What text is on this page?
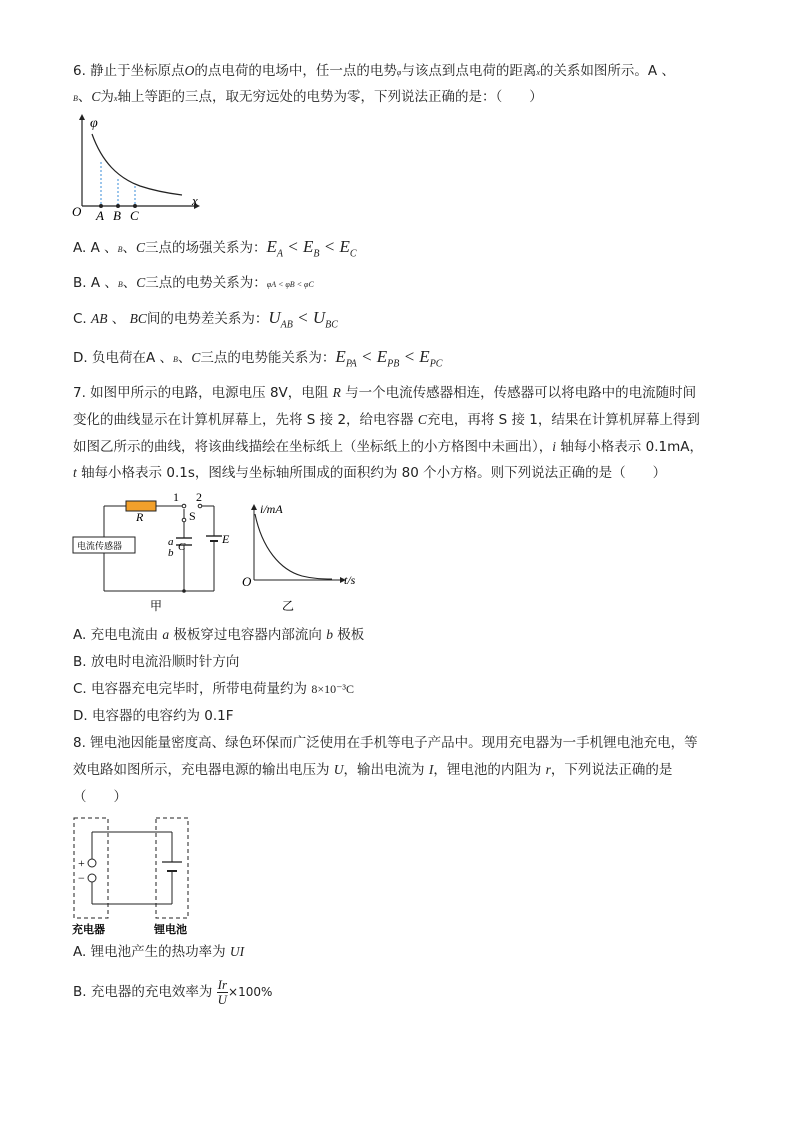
6. 静止于坐标原点O的点电荷的电场中，任一点的电势φ与该点到点电荷的距离x的关系如图所示。A 、
B、C为x轴上等距的三点，取无穷远处的电势为零，下列说法正确的是：（　　）
φ
x
O A B C
A. A 、B、C三点的场强关系为：$E_A < E_B < E_C$
B. A 、B、C三点的电势关系为：φA < φB < φC
C. AB 、 BC间的电势差关系为：$U_{AB} < U_{BC}$
D. 负电荷在A 、B、C三点的电势能关系为：$E_{PA} < E_{PB} < E_{PC}$
7. 如图甲所示的电路，电源电压 8V，电阻 R 与一个电流传感器相连，传感器可以将电路中的电流随时间
变化的曲线显示在计算机屏幕上，先将 S 接 2，给电容器 C充电，再将 S 接 1，结果在计算机屏幕上得到
如图乙所示的曲线，将该曲线描绘在坐标纸上（坐标纸上的小方格图中未画出），i 轴每小格表示 0.1mA，
t 轴每小格表示 0.1s，图线与坐标轴所围成的面积约为 80 个小方格。则下列说法正确的是（　　）
电流传感器
R
1 2
S
a
b C
E
甲
i/mA
t/s
O
乙
A. 充电电流由 a 极板穿过电容器内部流向 b 极板
B. 放电时电流沿顺时针方向
C. 电容器充电完毕时，所带电荷量约为 8×10⁻³C
D. 电容器的电容约为 0.1F
8. 锂电池因能量密度高、绿色环保而广泛使用在手机等电子产品中。现用充电器为一手机锂电池充电，等
效电路如图所示，充电器电源的输出电压为 U，输出电流为 I，锂电池的内阻为 r，下列说法正确的是
（　　）
+
−
充电器	锂电池
A. 锂电池产生的热功率为 UI
B. 充电器的充电效率为 $\frac{Ir}{U} \times 100\%$
